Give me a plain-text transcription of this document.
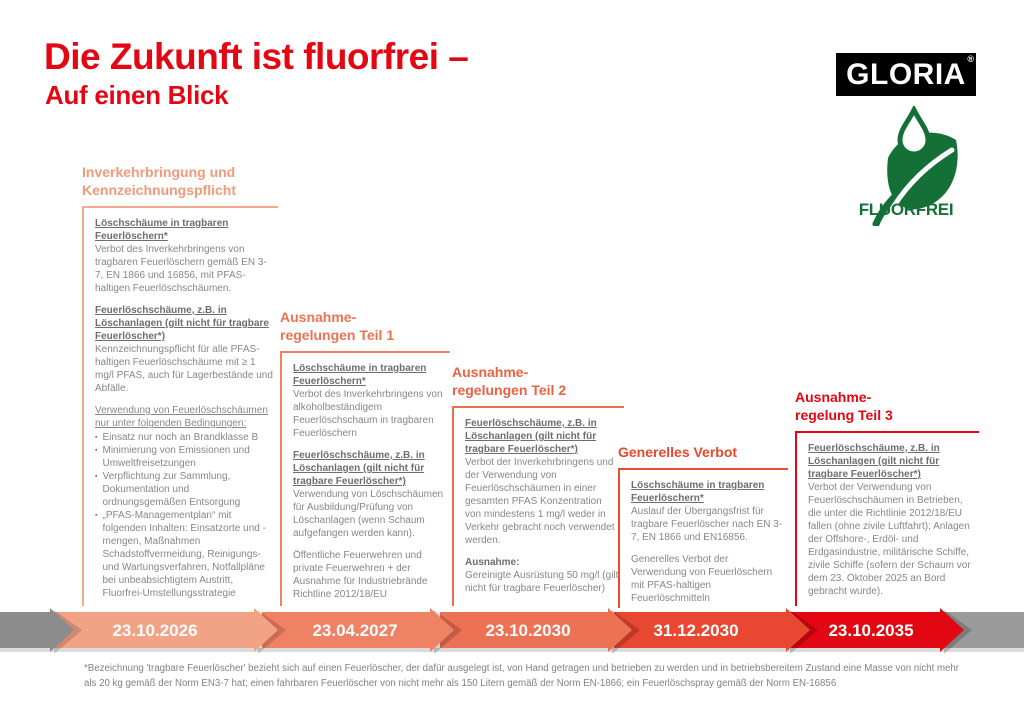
Die Zukunft ist fluorfrei –
Auf einen Blick
GLORIA ®
FLUORFREI
Inverkehrbringung und
Kennzeichnungspflicht
Löschschäume in tragbaren Feuerlöschern*
Verbot des Inverkehrbringens von tragbaren Feuerlöschern gemäß EN 3-7, EN 1866 und 16856, mit PFAS-haltigen Feuerlöschschäumen.
Feuerlöschschäume, z.B. in Löschanlagen (gilt nicht für tragbare Feuerlöscher*)
Kennzeichnungspflicht für alle PFAS-haltigen Feuerlöschschäume mit ≥ 1 mg/l PFAS, auch für Lagerbestände und Abfälle.
Verwendung von Feuerlöschschäumen nur unter folgenden Bedingungen:
▪ Einsatz nur noch an Brandklasse B
▪ Minimierung von Emissionen und Umweltfreisetzungen
▪ Verpflichtung zur Sammlung, Dokumentation und ordnungsgemäßen Entsorgung
▪ „PFAS-Managementplan“ mit folgenden Inhalten: Einsatzorte und -mengen, Maßnahmen Schadstoffvermeidung, Reinigungs- und Wartungsverfahren, Notfallpläne bei unbeabsichtigtem Austritt, Fluorfrei-Umstellungsstrategie
Ausnahme-
regelungen Teil 1
Löschschäume in tragbaren Feuerlöschern*
Verbot des Inverkehrbringens von alkoholbeständigem Feuerlöschschaum in tragbaren Feuerlöschern
Feuerlöschschäume, z.B. in Löschanlagen (gilt nicht für tragbare Feuerlöscher*)
Verwendung von Löschschäumen für Ausbildung/Prüfung von Löschanlagen (wenn Schaum aufgefangen werden kann).
Öffentliche Feuerwehren und private Feuerwehren + der Ausnahme für Industriebrände Richtline 2012/18/EU
Ausnahme-
regelungen Teil 2
Feuerlöschschäume, z.B. in Löschanlagen (gilt nicht für tragbare Feuerlöscher*)
Verbot der Inverkehrbringens und der Verwendung von Feuerlöschschäumen in einer gesamten PFAS Konzentration von mindestens 1 mg/l weder in Verkehr gebracht noch verwendet werden.
Ausnahme:
Gereinigte Ausrüstung 50 mg/l (gilt nicht für tragbare Feuerlöscher)
Generelles Verbot
Löschschäume in tragbaren Feuerlöschern*
Auslauf der Übergangsfrist für tragbare Feuerlöscher nach EN 3-7, EN 1866 und EN16856.
Generelles Verbot der Verwendung von Feuerlöschern mit PFAS-haltigen Feuerlöschmitteln
Ausnahme-
regelung Teil 3
Feuerlöschschäume, z.B. in Löschanlagen (gilt nicht für tragbare Feuerlöscher*)
Verbot der Verwendung von Feuerlöschschäumen in Betrieben, die unter die Richtlinie 2012/18/EU fallen (ohne zivile Luftfahrt); Anlagen der Offshore-, Erdöl- und Erdgasindustrie, militärische Schiffe, zivile Schiffe (sofern der Schaum vor dem 23. Oktober 2025 an Bord gebracht wurde).
23.10.2026	23.04.2027	23.10.2030	31.12.2030	23.10.2035
*Bezeichnung 'tragbare Feuerlöscher' bezieht sich auf einen Feuerlöscher, der dafür ausgelegt ist, von Hand getragen und betrieben zu werden und in betriebsbereitem Zustand eine Masse von nicht mehr als 20 kg gemäß der Norm EN3-7 hat; einen fahrbaren Feuerlöscher von nicht mehr als 150 Litern gemäß der Norm EN-1866; ein Feuerlöschspray gemäß der Norm EN-16856
